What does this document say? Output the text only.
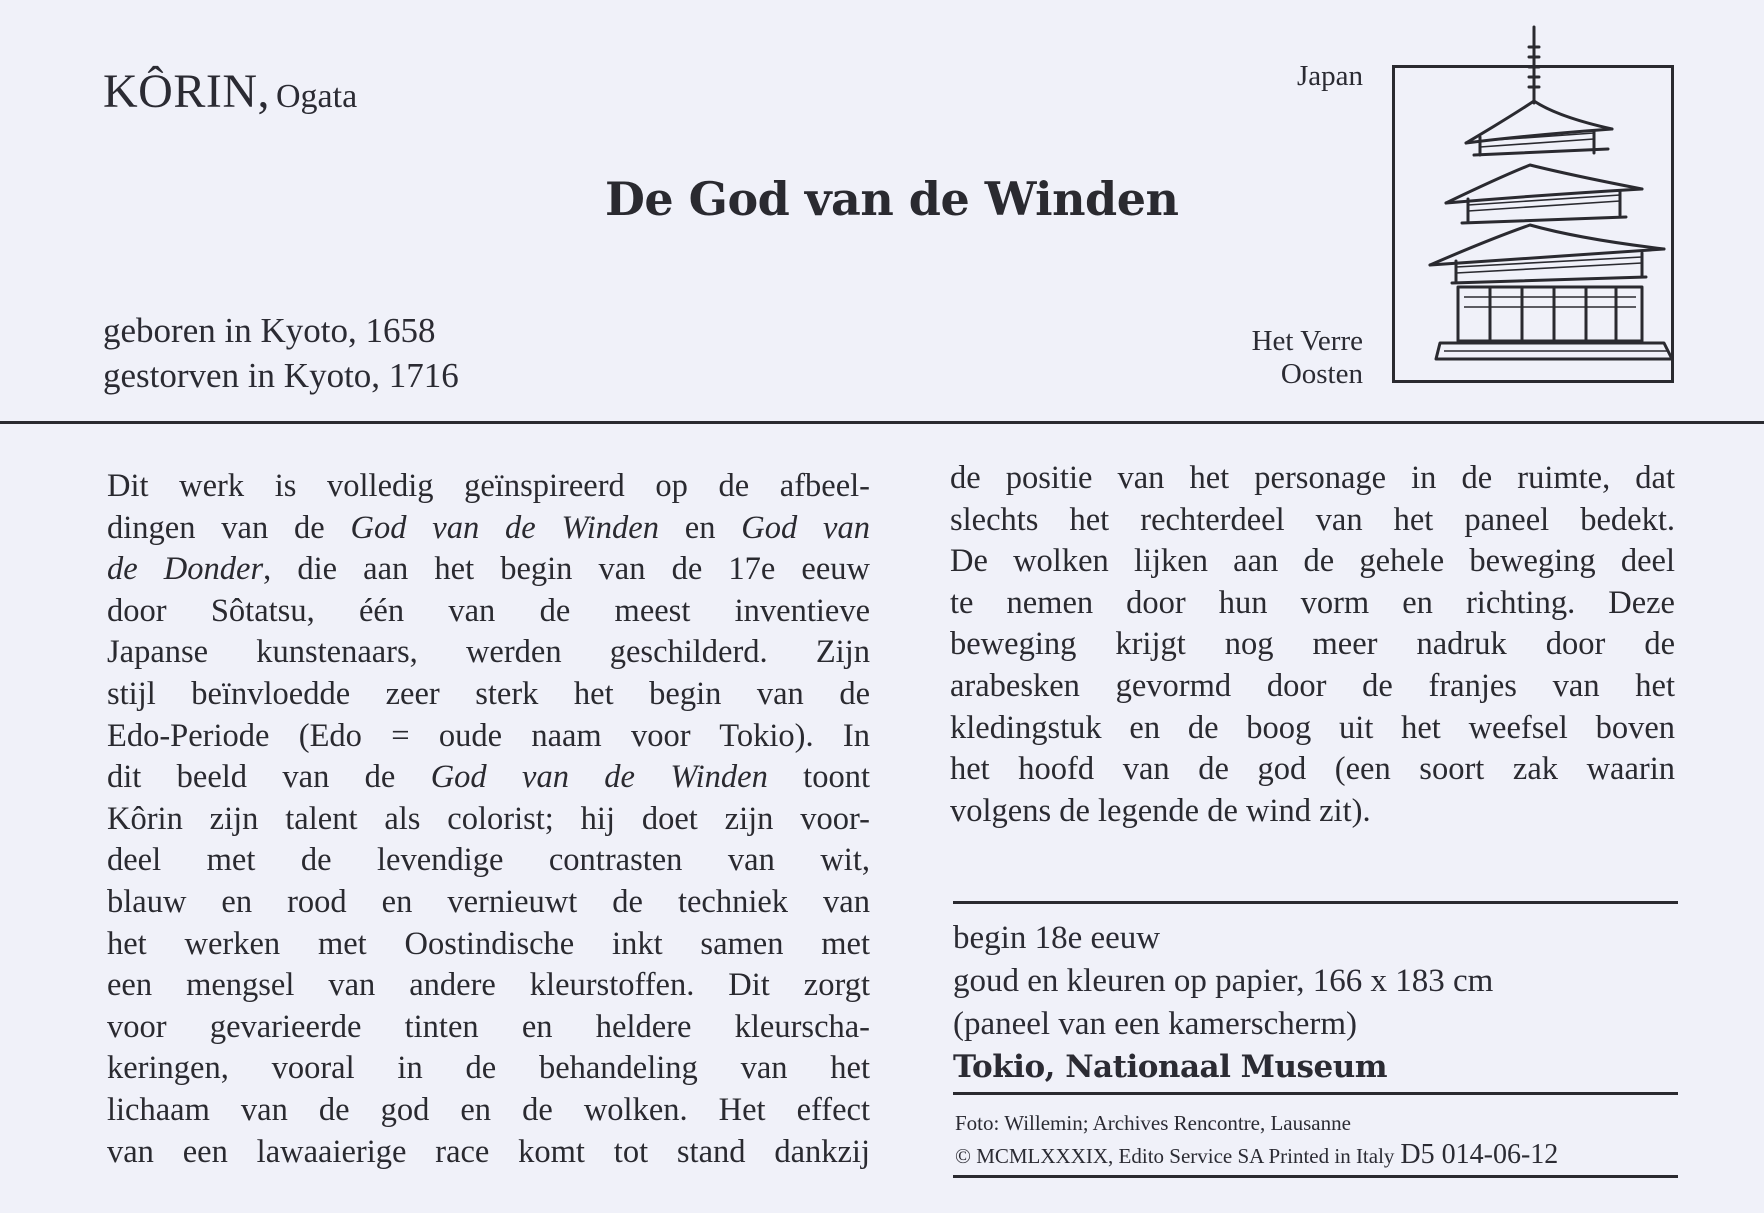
KÔRIN, Ogata
De God van de Winden
geboren in Kyoto, 1658
gestorven in Kyoto, 1716
Japan
Het Verre
Oosten
Dit werk is volledig geïnspireerd op de afbeel-
dingen van de God van de Winden en God van
de Donder, die aan het begin van de 17e eeuw
door Sôtatsu, één van de meest inventieve
Japanse kunstenaars, werden geschilderd. Zijn
stijl beïnvloedde zeer sterk het begin van de
Edo-Periode (Edo = oude naam voor Tokio). In
dit beeld van de God van de Winden toont
Kôrin zijn talent als colorist; hij doet zijn voor-
deel met de levendige contrasten van wit,
blauw en rood en vernieuwt de techniek van
het werken met Oostindische inkt samen met
een mengsel van andere kleurstoffen. Dit zorgt
voor gevarieerde tinten en heldere kleurscha-
keringen, vooral in de behandeling van het
lichaam van de god en de wolken. Het effect
van een lawaaierige race komt tot stand dankzij
de positie van het personage in de ruimte, dat
slechts het rechterdeel van het paneel bedekt.
De wolken lijken aan de gehele beweging deel
te nemen door hun vorm en richting. Deze
beweging krijgt nog meer nadruk door de
arabesken gevormd door de franjes van het
kledingstuk en de boog uit het weefsel boven
het hoofd van de god (een soort zak waarin
volgens de legende de wind zit).
begin 18e eeuw
goud en kleuren op papier, 166 x 183 cm
(paneel van een kamerscherm)
Tokio, Nationaal Museum
Foto: Willemin; Archives Rencontre, Lausanne
© MCMLXXXIX, Edito Service SA Printed in Italy D5 014-06-12
